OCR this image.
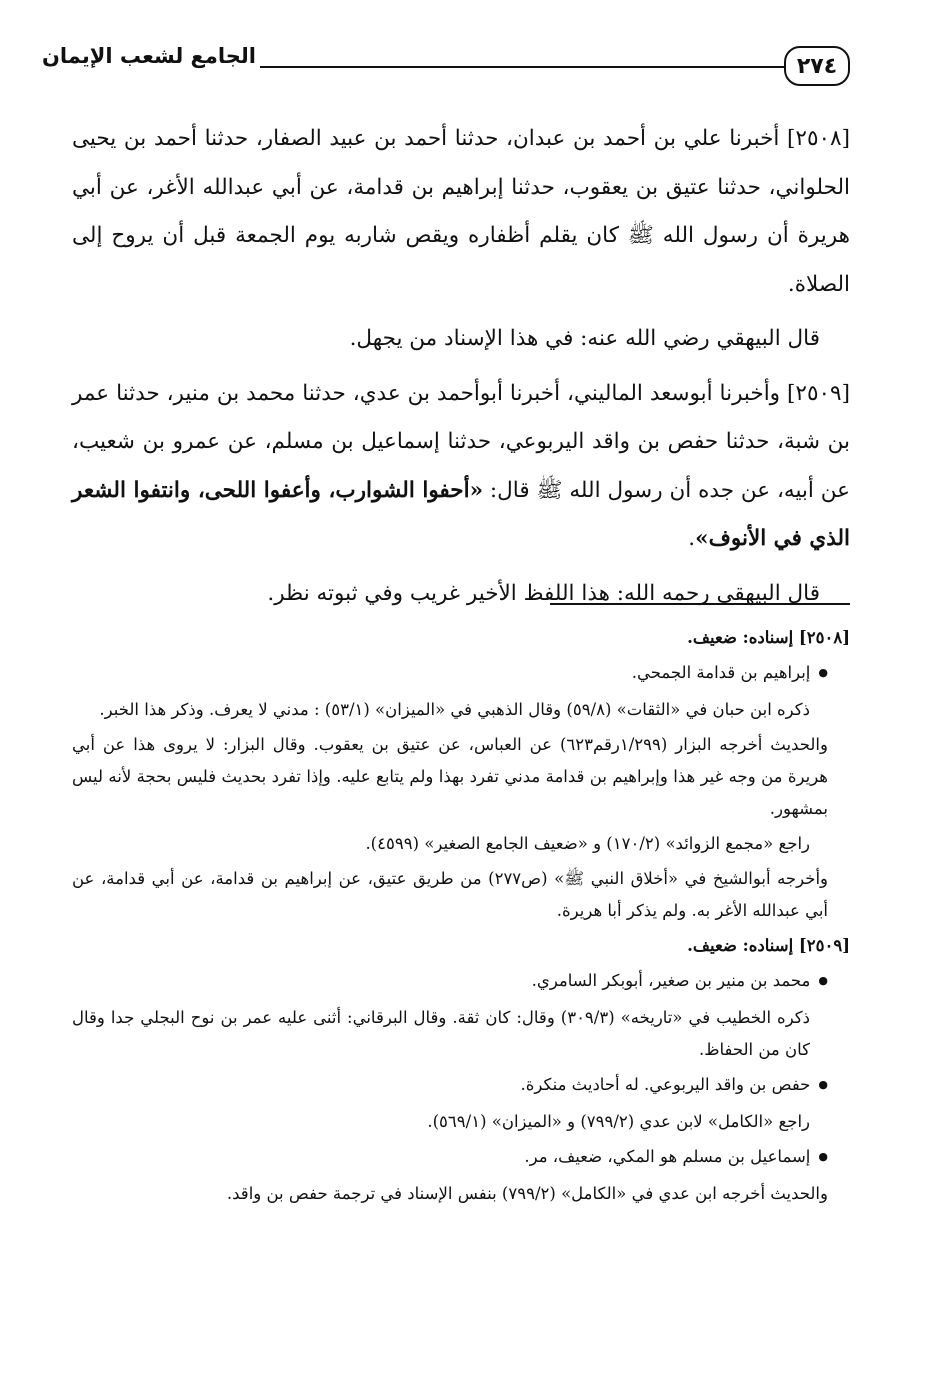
٢٧٤
الجامع لشعب الإيمان

[٢٥٠٨] أخبرنا علي بن أحمد بن عبدان، حدثنا أحمد بن عبيد الصفار، حدثنا أحمد بن يحيى الحلواني، حدثنا عتيق بن يعقوب، حدثنا إبراهيم بن قدامة، عن أبي عبدالله الأغر، عن أبي هريرة أن رسول الله ﷺ كان يقلم أظفاره ويقص شاربه يوم الجمعة قبل أن يروح إلى الصلاة.

قال البيهقي رضي الله عنه: في هذا الإسناد من يجهل.

[٢٥٠٩] وأخبرنا أبوسعد الماليني، أخبرنا أبوأحمد بن عدي، حدثنا محمد بن منير، حدثنا عمر بن شبة، حدثنا حفص بن واقد اليربوعي، حدثنا إسماعيل بن مسلم، عن عمرو بن شعيب، عن أبيه، عن جده أن رسول الله ﷺ قال: «أحفوا الشوارب، وأعفوا اللحى، وانتفوا الشعر الذي في الأنوف».

قال البيهقي رحمه الله: هذا اللفظ الأخير غريب وفي ثبوته نظر.

[٢٥٠٨] إسناده: ضعيف.

● إبراهيم بن قدامة الجمحي.

ذكره ابن حبان في «الثقات» (٥٩/٨) وقال الذهبي في «الميزان» (٥٣/١) : مدني لا يعرف. وذكر هذا الخبر.

والحديث أخرجه البزار (١/٢٩٩رقم٦٢٣) عن العباس، عن عتيق بن يعقوب. وقال البزار: لا يروى هذا عن أبي هريرة من وجه غير هذا وإبراهيم بن قدامة مدني تفرد بهذا ولم يتابع عليه. وإذا تفرد بحديث فليس بحجة لأنه ليس بمشهور.

راجع «مجمع الزوائد» (١٧٠/٢) و «ضعيف الجامع الصغير» (٤٥٩٩).

وأخرجه أبوالشيخ في «أخلاق النبي ﷺ» (ص٢٧٧) من طريق عتيق، عن إبراهيم بن قدامة، عن أبي قدامة، عن أبي عبدالله الأغر به. ولم يذكر أبا هريرة.

[٢٥٠٩] إسناده: ضعيف.

● محمد بن منير بن صغير، أبوبكر السامري.

ذكره الخطيب في «تاريخه» (٣٠٩/٣) وقال: كان ثقة. وقال البرقاني: أثنى عليه عمر بن نوح البجلي جدا وقال كان من الحفاظ.

● حفص بن واقد اليربوعي. له أحاديث منكرة.

راجع «الكامل» لابن عدي (٧٩٩/٢) و «الميزان» (٥٦٩/١).

● إسماعيل بن مسلم هو المكي، ضعيف، مر.

والحديث أخرجه ابن عدي في «الكامل» (٧٩٩/٢) بنفس الإسناد في ترجمة حفص بن واقد.
